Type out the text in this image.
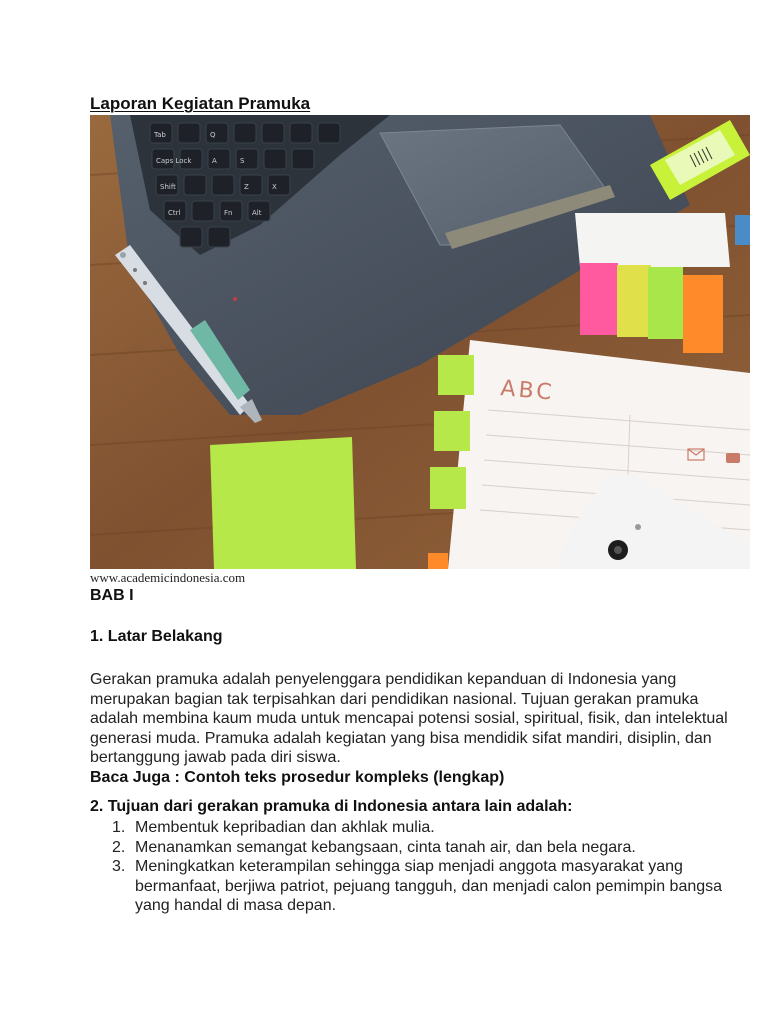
Laporan Kegiatan Pramuka
Tab	Q
Caps Lock	A	S
Shift	Z	X
Ctrl	Fn	Alt
ABC
www.academicindonesia.com
BAB I
1. Latar Belakang

Gerakan pramuka adalah penyelenggara pendidikan kepanduan di Indonesia yang merupakan bagian tak terpisahkan dari pendidikan nasional. Tujuan gerakan pramuka adalah membina kaum muda untuk mencapai potensi sosial, spiritual, fisik, dan intelektual generasi muda. Pramuka adalah kegiatan yang bisa mendidik sifat mandiri, disiplin, dan bertanggung jawab pada diri siswa.

Baca Juga : Contoh teks prosedur kompleks (lengkap)
2. Tujuan dari gerakan pramuka di Indonesia antara lain adalah:
1. Membentuk kepribadian dan akhlak mulia.
2. Menanamkan semangat kebangsaan, cinta tanah air, dan bela negara.
3. Meningkatkan keterampilan sehingga siap menjadi anggota masyarakat yang bermanfaat, berjiwa patriot, pejuang tangguh, dan menjadi calon pemimpin bangsa yang handal di masa depan.
